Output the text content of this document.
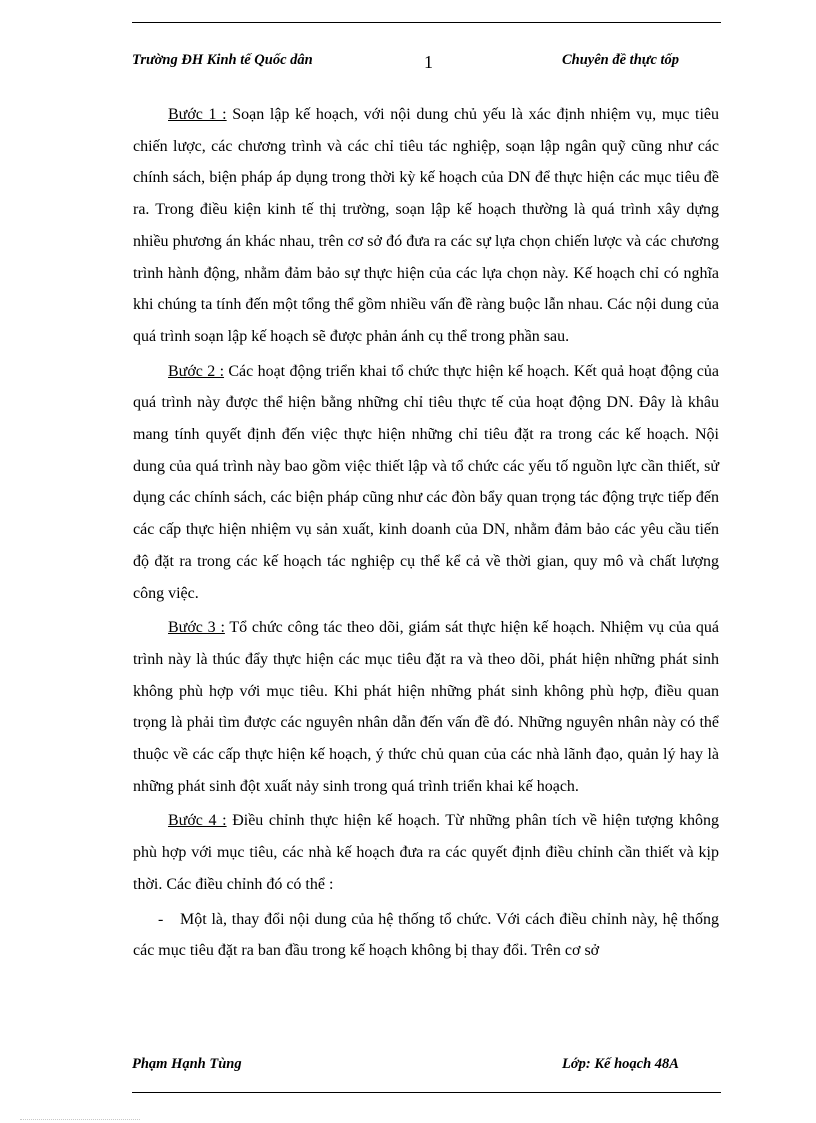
Trường ĐH Kinh tế Quốc dân	1	Chuyên đề thực tốp

Bước 1 : Soạn lập kế hoạch, với nội dung chủ yếu là xác định nhiệm vụ, mục tiêu chiến lược, các chương trình và các chỉ tiêu tác nghiệp, soạn lập ngân quỹ cũng như các chính sách, biện pháp áp dụng trong thời kỳ kế hoạch của DN để thực hiện các mục tiêu đề ra. Trong điều kiện kinh tế thị trường, soạn lập kế hoạch thường là quá trình xây dựng nhiều phương án khác nhau, trên cơ sở đó đưa ra các sự lựa chọn chiến lược và các chương trình hành động, nhằm đảm bảo sự thực hiện của các lựa chọn này. Kế hoạch chỉ có nghĩa khi chúng ta tính đến một tổng thể gồm nhiều vấn đề ràng buộc lẫn nhau. Các nội dung của quá trình soạn lập kế hoạch sẽ được phản ánh cụ thể trong phần sau.

Bước 2 : Các hoạt động triển khai tổ chức thực hiện kế hoạch. Kết quả hoạt động của quá trình này được thể hiện bằng những chỉ tiêu thực tế của hoạt động DN. Đây là khâu mang tính quyết định đến việc thực hiện những chỉ tiêu đặt ra trong các kế hoạch. Nội dung của quá trình này bao gồm việc thiết lập và tổ chức các yếu tố nguồn lực cần thiết, sử dụng các chính sách, các biện pháp cũng như các đòn bẩy quan trọng tác động trực tiếp đến các cấp thực hiện nhiệm vụ sản xuất, kinh doanh của DN, nhằm đảm bảo các yêu cầu tiến độ đặt ra trong các kế hoạch tác nghiệp cụ thể kể cả về thời gian, quy mô và chất lượng công việc.

Bước 3 : Tổ chức công tác theo dõi, giám sát thực hiện kế hoạch. Nhiệm vụ của quá trình này là thúc đẩy thực hiện các mục tiêu đặt ra và theo dõi, phát hiện những phát sinh không phù hợp với mục tiêu. Khi phát hiện những phát sinh không phù hợp, điều quan trọng là phải tìm được các nguyên nhân dẫn đến vấn đề đó. Những nguyên nhân này có thể thuộc về các cấp thực hiện kế hoạch, ý thức chủ quan của các nhà lãnh đạo, quản lý hay là những phát sinh đột xuất nảy sinh trong quá trình triển khai kế hoạch.

Bước 4 : Điều chỉnh thực hiện kế hoạch. Từ những phân tích về hiện tượng không phù hợp với mục tiêu, các nhà kế hoạch đưa ra các quyết định điều chỉnh cần thiết và kịp thời. Các điều chỉnh đó có thể :

- Một là, thay đổi nội dung của hệ thống tổ chức. Với cách điều chỉnh này, hệ thống các mục tiêu đặt ra ban đầu trong kế hoạch không bị thay đổi. Trên cơ sở

Phạm Hạnh Tùng	Lớp: Kế hoạch 48A
